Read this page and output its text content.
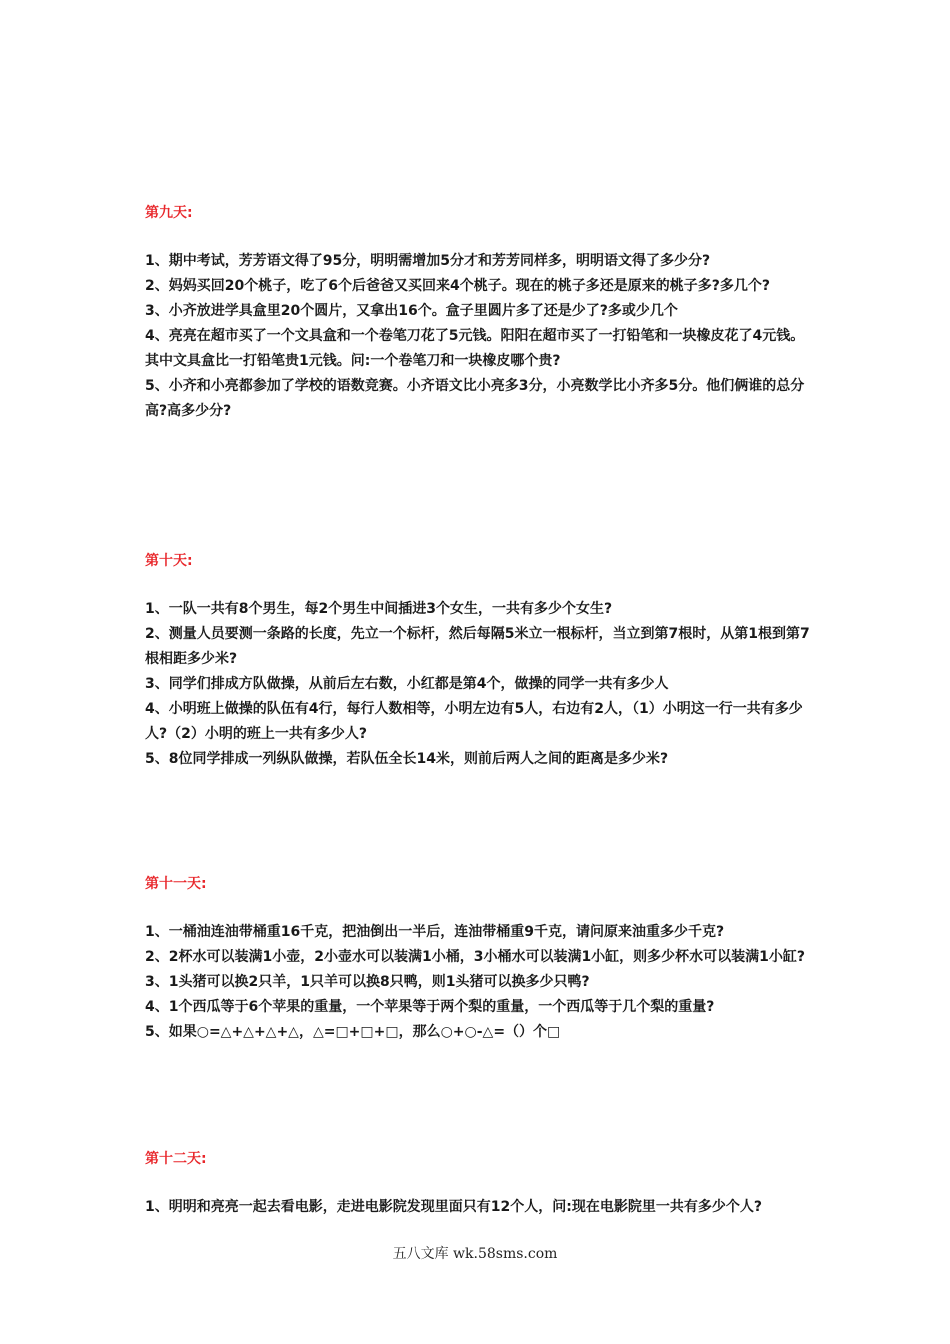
第九天:

1、期中考试，芳芳语文得了95分，明明需增加5分才和芳芳同样多，明明语文得了多少分?

2、妈妈买回20个桃子，吃了6个后爸爸又买回来4个桃子。现在的桃子多还是原来的桃子多?多几个?

3、小齐放进学具盒里20个圆片，又拿出16个。盒子里圆片多了还是少了?多或少几个

4、亮亮在超市买了一个文具盒和一个卷笔刀花了5元钱。阳阳在超市买了一打铅笔和一块橡皮花了4元钱。其中文具盒比一打铅笔贵1元钱。问:一个卷笔刀和一块橡皮哪个贵?

5、小齐和小亮都参加了学校的语数竞赛。小齐语文比小亮多3分，小亮数学比小齐多5分。他们俩谁的总分高?高多少分?

第十天:

1、一队一共有8个男生，每2个男生中间插进3个女生，一共有多少个女生?

2、测量人员要测一条路的长度，先立一个标杆，然后每隔5米立一根标杆，当立到第7根时，从第1根到第7根相距多少米?

3、同学们排成方队做操，从前后左右数，小红都是第4个，做操的同学一共有多少人

4、小明班上做操的队伍有4行，每行人数相等，小明左边有5人，右边有2人，（1）小明这一行一共有多少人?（2）小明的班上一共有多少人?

5、8位同学排成一列纵队做操，若队伍全长14米，则前后两人之间的距离是多少米?

第十一天:

1、一桶油连油带桶重16千克，把油倒出一半后，连油带桶重9千克，请问原来油重多少千克?

2、2杯水可以装满1小壶，2小壶水可以装满1小桶，3小桶水可以装满1小缸，则多少杯水可以装满1小缸?

3、1头猪可以换2只羊，1只羊可以换8只鸭，则1头猪可以换多少只鸭?

4、1个西瓜等于6个苹果的重量，一个苹果等于两个梨的重量，一个西瓜等于几个梨的重量?

5、如果○=△+△+△+△，△=□+□+□，那么○+○-△=（）个□

第十二天:

1、明明和亮亮一起去看电影，走进电影院发现里面只有12个人，问:现在电影院里一共有多少个人?

五八文库 wk.58sms.com
